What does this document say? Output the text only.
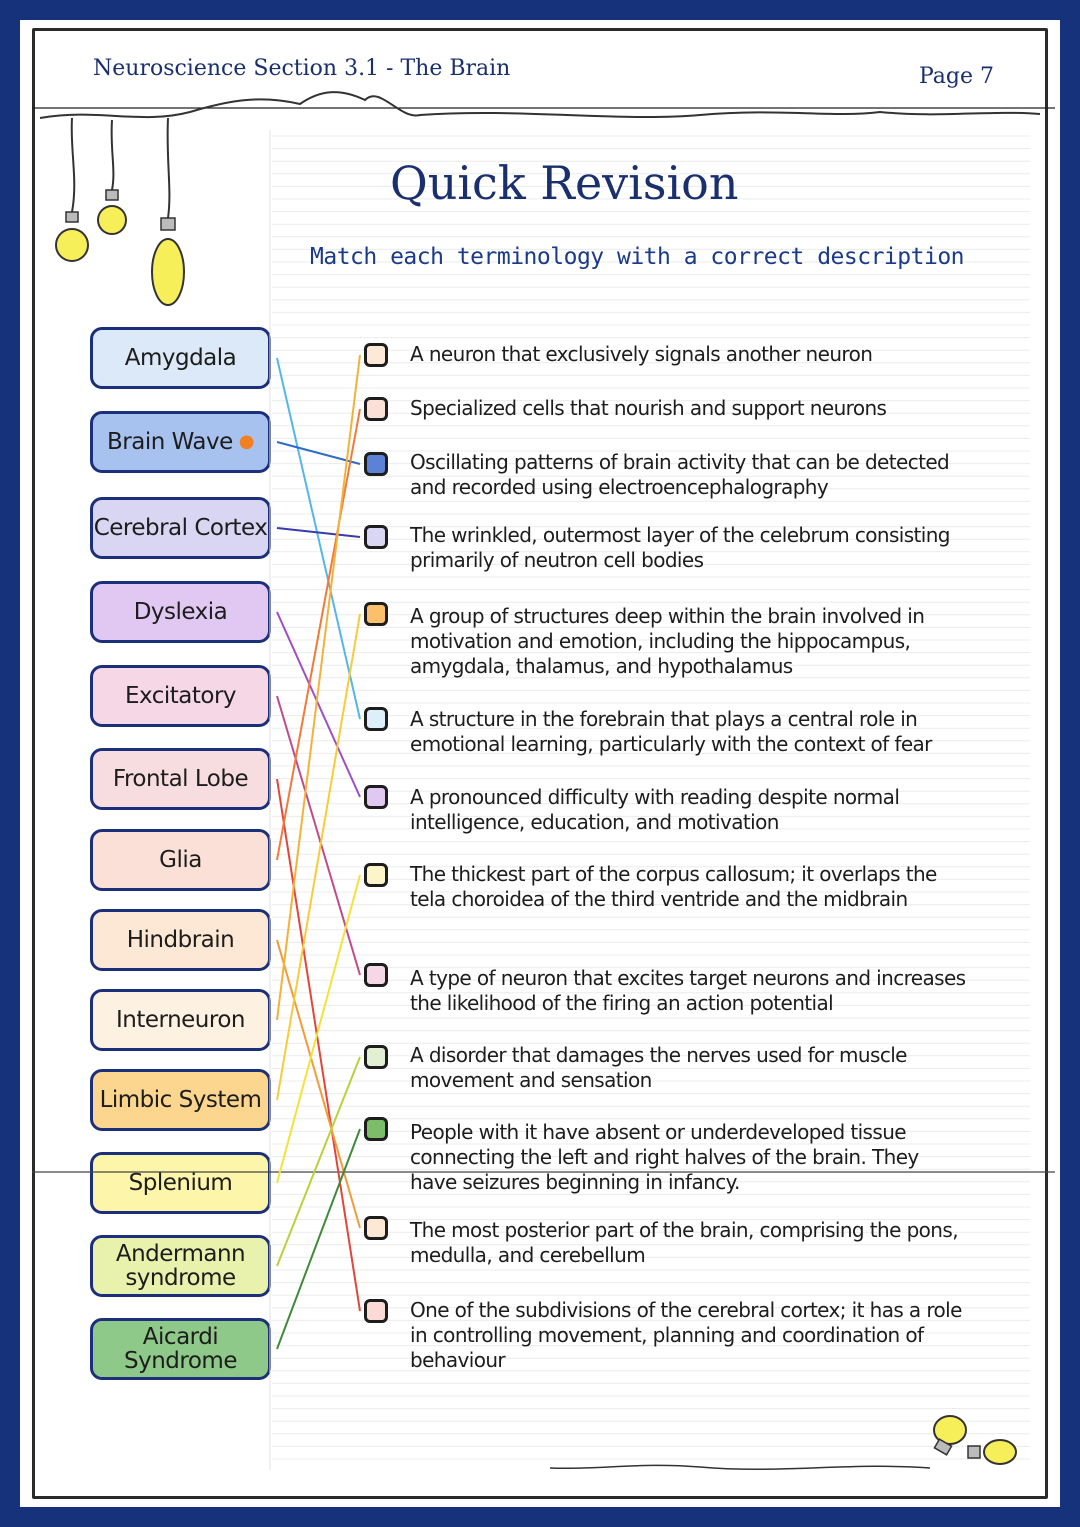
Neuroscience Section 3.1 - The Brain	Page 7
Quick Revision
Match each terminology with a correct description
Amygdala
Brain Wave ●
Cerebral Cortex
Dyslexia
Excitatory
Frontal Lobe
Glia
Hindbrain
Interneuron
Limbic System
Splenium
Andermann syndrome
Aicardi Syndrome
A neuron that exclusively signals another neuron
Specialized cells that nourish and support neurons
Oscillating patterns of brain activity that can be detected and recorded using electroencephalography
The wrinkled, outermost layer of the celebrum consisting primarily of neutron cell bodies
A group of structures deep within the brain involved in motivation and emotion, including the hippocampus, amygdala, thalamus, and hypothalamus
A structure in the forebrain that plays a central role in emotional learning, particularly with the context of fear
A pronounced difficulty with reading despite normal intelligence, education, and motivation
The thickest part of the corpus callosum; it overlaps the tela choroidea of the third ventride and the midbrain
A type of neuron that excites target neurons and increases the likelihood of the firing an action potential
A disorder that damages the nerves used for muscle movement and sensation
People with it have absent or underdeveloped tissue connecting the left and right halves of the brain. They have seizures beginning in infancy.
The most posterior part of the brain, comprising the pons, medulla, and cerebellum
One of the subdivisions of the cerebral cortex; it has a role in controlling movement, planning and coordination of behaviour
